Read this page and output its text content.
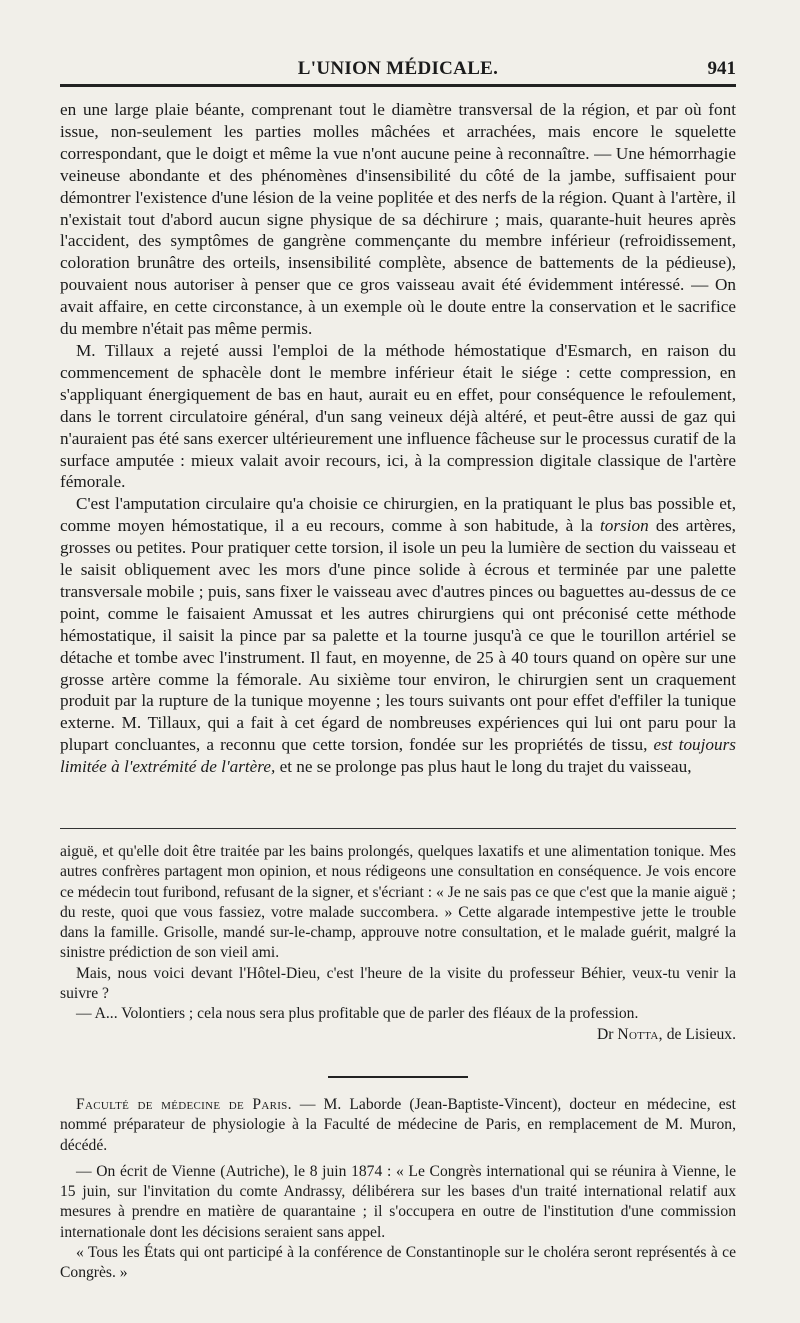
L'UNION MÉDICALE.	941

en une large plaie béante, comprenant tout le diamètre transversal de la région, et par où font issue, non-seulement les parties molles mâchées et arrachées, mais encore le squelette correspondant, que le doigt et même la vue n'ont aucune peine à reconnaître. — Une hémorrhagie veineuse abondante et des phénomènes d'insensibilité du côté de la jambe, suffisaient pour démontrer l'existence d'une lésion de la veine poplitée et des nerfs de la région. Quant à l'artère, il n'existait tout d'abord aucun signe physique de sa déchirure ; mais, quarante-huit heures après l'accident, des symptômes de gangrène commençante du membre inférieur (refroidissement, coloration brunâtre des orteils, insensibilité complète, absence de battements de la pédieuse), pouvaient nous autoriser à penser que ce gros vaisseau avait été évidemment intéressé. — On avait affaire, en cette circonstance, à un exemple où le doute entre la conservation et le sacrifice du membre n'était pas même permis.

M. Tillaux a rejeté aussi l'emploi de la méthode hémostatique d'Esmarch, en raison du commencement de sphacèle dont le membre inférieur était le siége : cette compression, en s'appliquant énergiquement de bas en haut, aurait eu en effet, pour conséquence le refoulement, dans le torrent circulatoire général, d'un sang veineux déjà altéré, et peut-être aussi de gaz qui n'auraient pas été sans exercer ultérieurement une influence fâcheuse sur le processus curatif de la surface amputée : mieux valait avoir recours, ici, à la compression digitale classique de l'artère fémorale.

C'est l'amputation circulaire qu'a choisie ce chirurgien, en la pratiquant le plus bas possible et, comme moyen hémostatique, il a eu recours, comme à son habitude, à la torsion des artères, grosses ou petites. Pour pratiquer cette torsion, il isole un peu la lumière de section du vaisseau et le saisit obliquement avec les mors d'une pince solide à écrous et terminée par une palette transversale mobile ; puis, sans fixer le vaisseau avec d'autres pinces ou baguettes au-dessus de ce point, comme le faisaient Amussat et les autres chirurgiens qui ont préconisé cette méthode hémostatique, il saisit la pince par sa palette et la tourne jusqu'à ce que le tourillon artériel se détache et tombe avec l'instrument. Il faut, en moyenne, de 25 à 40 tours quand on opère sur une grosse artère comme la fémorale. Au sixième tour environ, le chirurgien sent un craquement produit par la rupture de la tunique moyenne ; les tours suivants ont pour effet d'effiler la tunique externe. M. Tillaux, qui a fait à cet égard de nombreuses expériences qui lui ont paru pour la plupart concluantes, a reconnu que cette torsion, fondée sur les propriétés de tissu, est toujours limitée à l'extrémité de l'artère, et ne se prolonge pas plus haut le long du trajet du vaisseau,

aiguë, et qu'elle doit être traitée par les bains prolongés, quelques laxatifs et une alimentation tonique. Mes autres confrères partagent mon opinion, et nous rédigeons une consultation en conséquence. Je vois encore ce médecin tout furibond, refusant de la signer, et s'écriant : « Je ne sais pas ce que c'est que la manie aiguë ; du reste, quoi que vous fassiez, votre malade succombera. » Cette algarade intempestive jette le trouble dans la famille. Grisolle, mandé sur-le-champ, approuve notre consultation, et le malade guérit, malgré la sinistre prédiction de son vieil ami.

Mais, nous voici devant l'Hôtel-Dieu, c'est l'heure de la visite du professeur Béhier, veux-tu venir la suivre ?

— A... Volontiers ; cela nous sera plus profitable que de parler des fléaux de la profession.

Dr Notta, de Lisieux.

Faculté de médecine de Paris. — M. Laborde (Jean-Baptiste-Vincent), docteur en médecine, est nommé préparateur de physiologie à la Faculté de médecine de Paris, en remplacement de M. Muron, décédé.

— On écrit de Vienne (Autriche), le 8 juin 1874 : « Le Congrès international qui se réunira à Vienne, le 15 juin, sur l'invitation du comte Andrassy, délibérera sur les bases d'un traité international relatif aux mesures à prendre en matière de quarantaine ; il s'occupera en outre de l'institution d'une commission internationale dont les décisions seraient sans appel.

« Tous les États qui ont participé à la conférence de Constantinople sur le choléra seront représentés à ce Congrès. »
